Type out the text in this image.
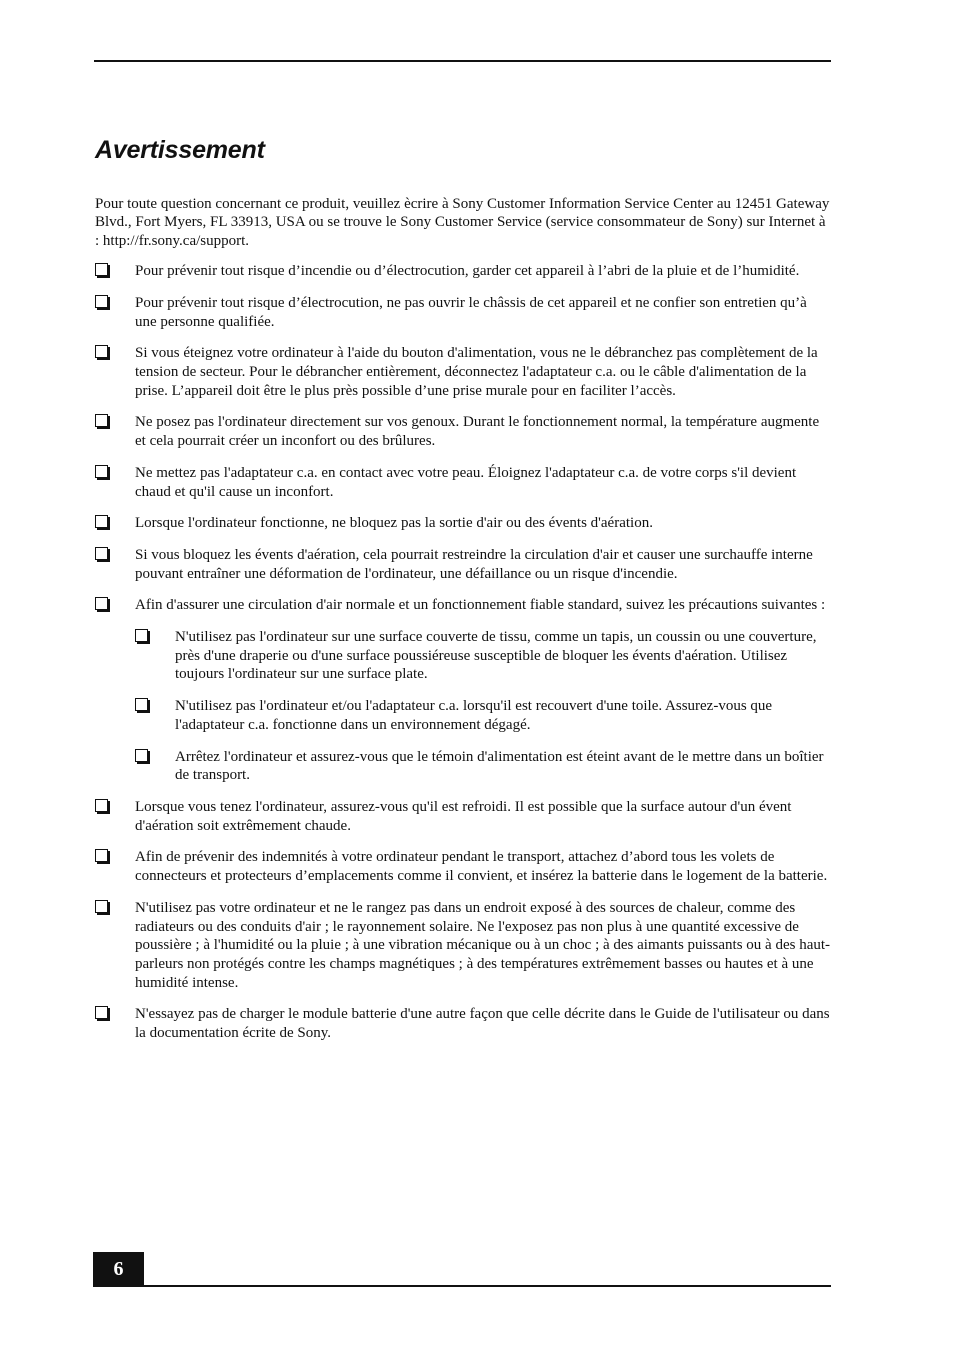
Avertissement

Pour toute question concernant ce produit, veuillez ècrire à Sony Customer Information Service Center au 12451 Gateway Blvd., Fort Myers, FL 33913, USA ou se trouve le Sony Customer Service (service consommateur de Sony) sur Internet à : http://fr.sony.ca/support.

Pour prévenir tout risque d’incendie ou d’électrocution, garder cet appareil à l’abri de la pluie et de l’humidité.
Pour prévenir tout risque d’électrocution, ne pas ouvrir le châssis de cet appareil et ne confier son entretien qu’à une personne qualifiée.
Si vous éteignez votre ordinateur à l'aide du bouton d'alimentation, vous ne le débranchez pas complètement de la tension de secteur. Pour le débrancher entièrement, déconnectez l'adaptateur c.a. ou le câble d'alimentation de la prise. L’appareil doit être le plus près possible d’une prise murale pour en faciliter l’accès.
Ne posez pas l'ordinateur directement sur vos genoux. Durant le fonctionnement normal, la température augmente et cela pourrait créer un inconfort ou des brûlures.
Ne mettez pas l'adaptateur c.a. en contact avec votre peau. Éloignez l'adaptateur c.a. de votre corps s'il devient chaud et qu'il cause un inconfort.
Lorsque l'ordinateur fonctionne, ne bloquez pas la sortie d'air ou des évents d'aération.
Si vous bloquez les évents d'aération, cela pourrait restreindre la circulation d'air et causer une surchauffe interne pouvant entraîner une déformation de l'ordinateur, une défaillance ou un risque d'incendie.
Afin d'assurer une circulation d'air normale et un fonctionnement fiable standard, suivez les précautions suivantes :
N'utilisez pas l'ordinateur sur une surface couverte de tissu, comme un tapis, un coussin ou une couverture, près d'une draperie ou d'une surface poussiéreuse susceptible de bloquer les évents d'aération. Utilisez toujours l'ordinateur sur une surface plate.
N'utilisez pas l'ordinateur et/ou l'adaptateur c.a. lorsqu'il est recouvert d'une toile. Assurez-vous que l'adaptateur c.a. fonctionne dans un environnement dégagé.
Arrêtez l'ordinateur et assurez-vous que le témoin d'alimentation est éteint avant de le mettre dans un boîtier de transport.
Lorsque vous tenez l'ordinateur, assurez-vous qu'il est refroidi. Il est possible que la surface autour d'un évent d'aération soit extrêmement chaude.
Afin de prévenir des indemnités à votre ordinateur pendant le transport, attachez d’abord tous les volets de connecteurs et protecteurs d’emplacements comme il convient, et insérez la batterie dans le logement de la batterie.
N'utilisez pas votre ordinateur et ne le rangez pas dans un endroit exposé à des sources de chaleur, comme des radiateurs ou des conduits d'air ; le rayonnement solaire. Ne l'exposez pas non plus à une quantité excessive de poussière ; à l'humidité ou la pluie ; à une vibration mécanique ou à un choc ; à des aimants puissants ou à des haut-parleurs non protégés contre les champs magnétiques ; à des températures extrêmement basses ou hautes et à une humidité intense.
N'essayez pas de charger le module batterie d'une autre façon que celle décrite dans le Guide de l'utilisateur ou dans la documentation écrite de Sony.
6
